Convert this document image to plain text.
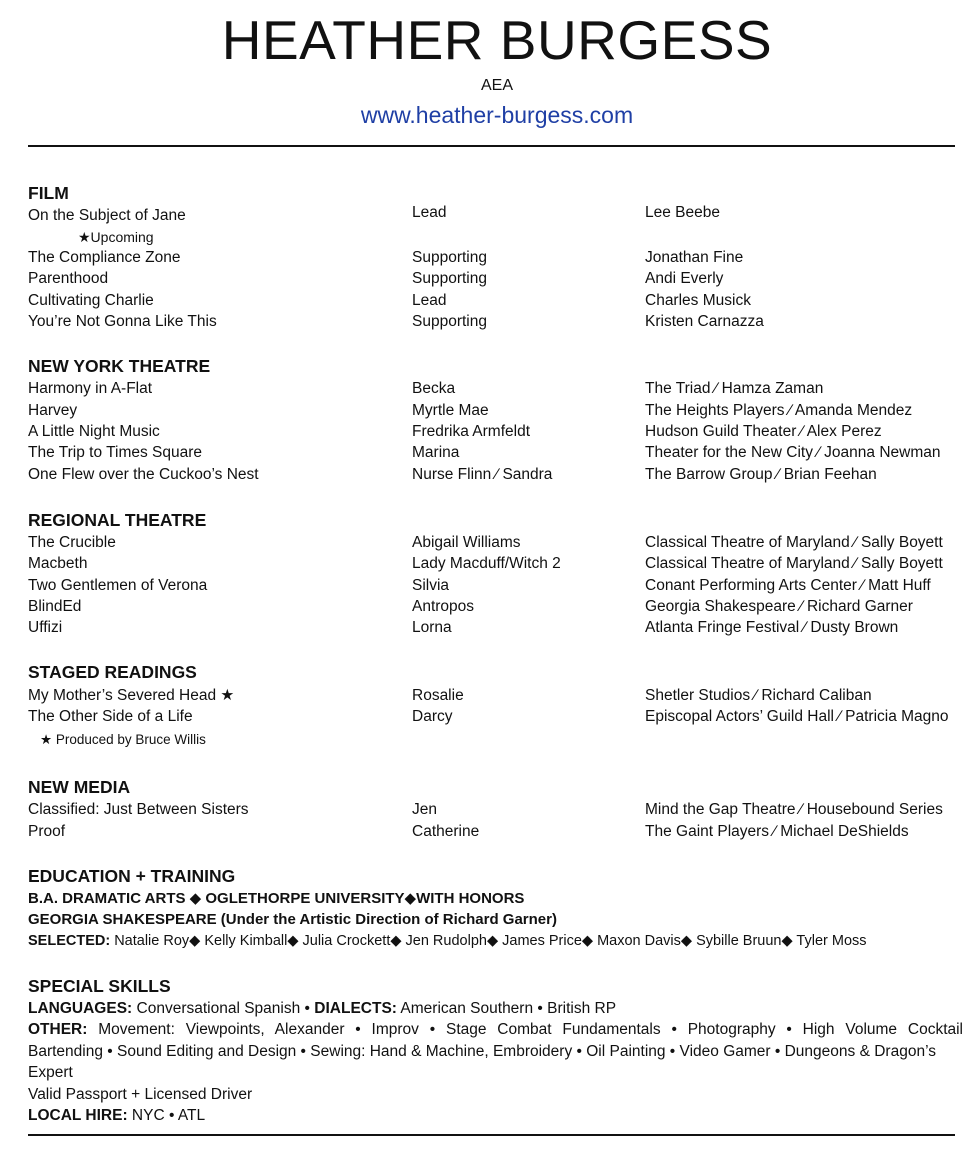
HEATHER BURGESS
AEA
www.heather-burgess.com
FILM
On the Subject of Jane	Lead	Lee Beebe
★Upcoming
The Compliance Zone	Supporting	Jonathan Fine
Parenthood	Supporting	Andi Everly
Cultivating Charlie	Lead	Charles Musick
You’re Not Gonna Like This	Supporting	Kristen Carnazza
NEW YORK THEATRE
Harmony in A-Flat	Becka	The Triad ∕ Hamza Zaman
Harvey	Myrtle Mae	The Heights Players ∕ Amanda Mendez
A Little Night Music	Fredrika Armfeldt	Hudson Guild Theater ∕ Alex Perez
The Trip to Times Square	Marina	Theater for the New City ∕ Joanna Newman
One Flew over the Cuckoo’s Nest	Nurse Flinn ∕ Sandra	The Barrow Group ∕ Brian Feehan
REGIONAL THEATRE
The Crucible	Abigail Williams	Classical Theatre of Maryland ∕ Sally Boyett
Macbeth	Lady Macduff/Witch 2	Classical Theatre of Maryland ∕ Sally Boyett
Two Gentlemen of Verona	Silvia	Conant Performing Arts Center ∕ Matt Huff
BlindEd	Antropos	Georgia Shakespeare ∕ Richard Garner
Uffizi	Lorna	Atlanta Fringe Festival ∕ Dusty Brown
STAGED READINGS
My Mother’s Severed Head ★	Rosalie	Shetler Studios ∕ Richard Caliban
The Other Side of a Life	Darcy	Episcopal Actors’ Guild Hall ∕ Patricia Magno
★ Produced by Bruce Willis
NEW MEDIA
Classified: Just Between Sisters	Jen	Mind the Gap Theatre ∕ Housebound Series
Proof	Catherine	The Gaint Players ∕ Michael DeShields
EDUCATION + TRAINING
B.A. DRAMATIC ARTS ◆ OGLETHORPE UNIVERSITY◆WITH HONORS
GEORGIA SHAKESPEARE (Under the Artistic Direction of Richard Garner)
SELECTED: Natalie Roy◆ Kelly Kimball◆ Julia Crockett◆ Jen Rudolph◆ James Price◆ Maxon Davis◆ Sybille Bruun◆ Tyler Moss
SPECIAL SKILLS
LANGUAGES: Conversational Spanish • DIALECTS: American Southern • British RP
OTHER: Movement: Viewpoints, Alexander • Improv • Stage Combat Fundamentals • Photography • High Volume Cocktail
Bartending • Sound Editing and Design • Sewing: Hand & Machine, Embroidery • Oil Painting • Video Gamer • Dungeons & Dragon’s
Expert
Valid Passport + Licensed Driver
LOCAL HIRE: NYC • ATL
